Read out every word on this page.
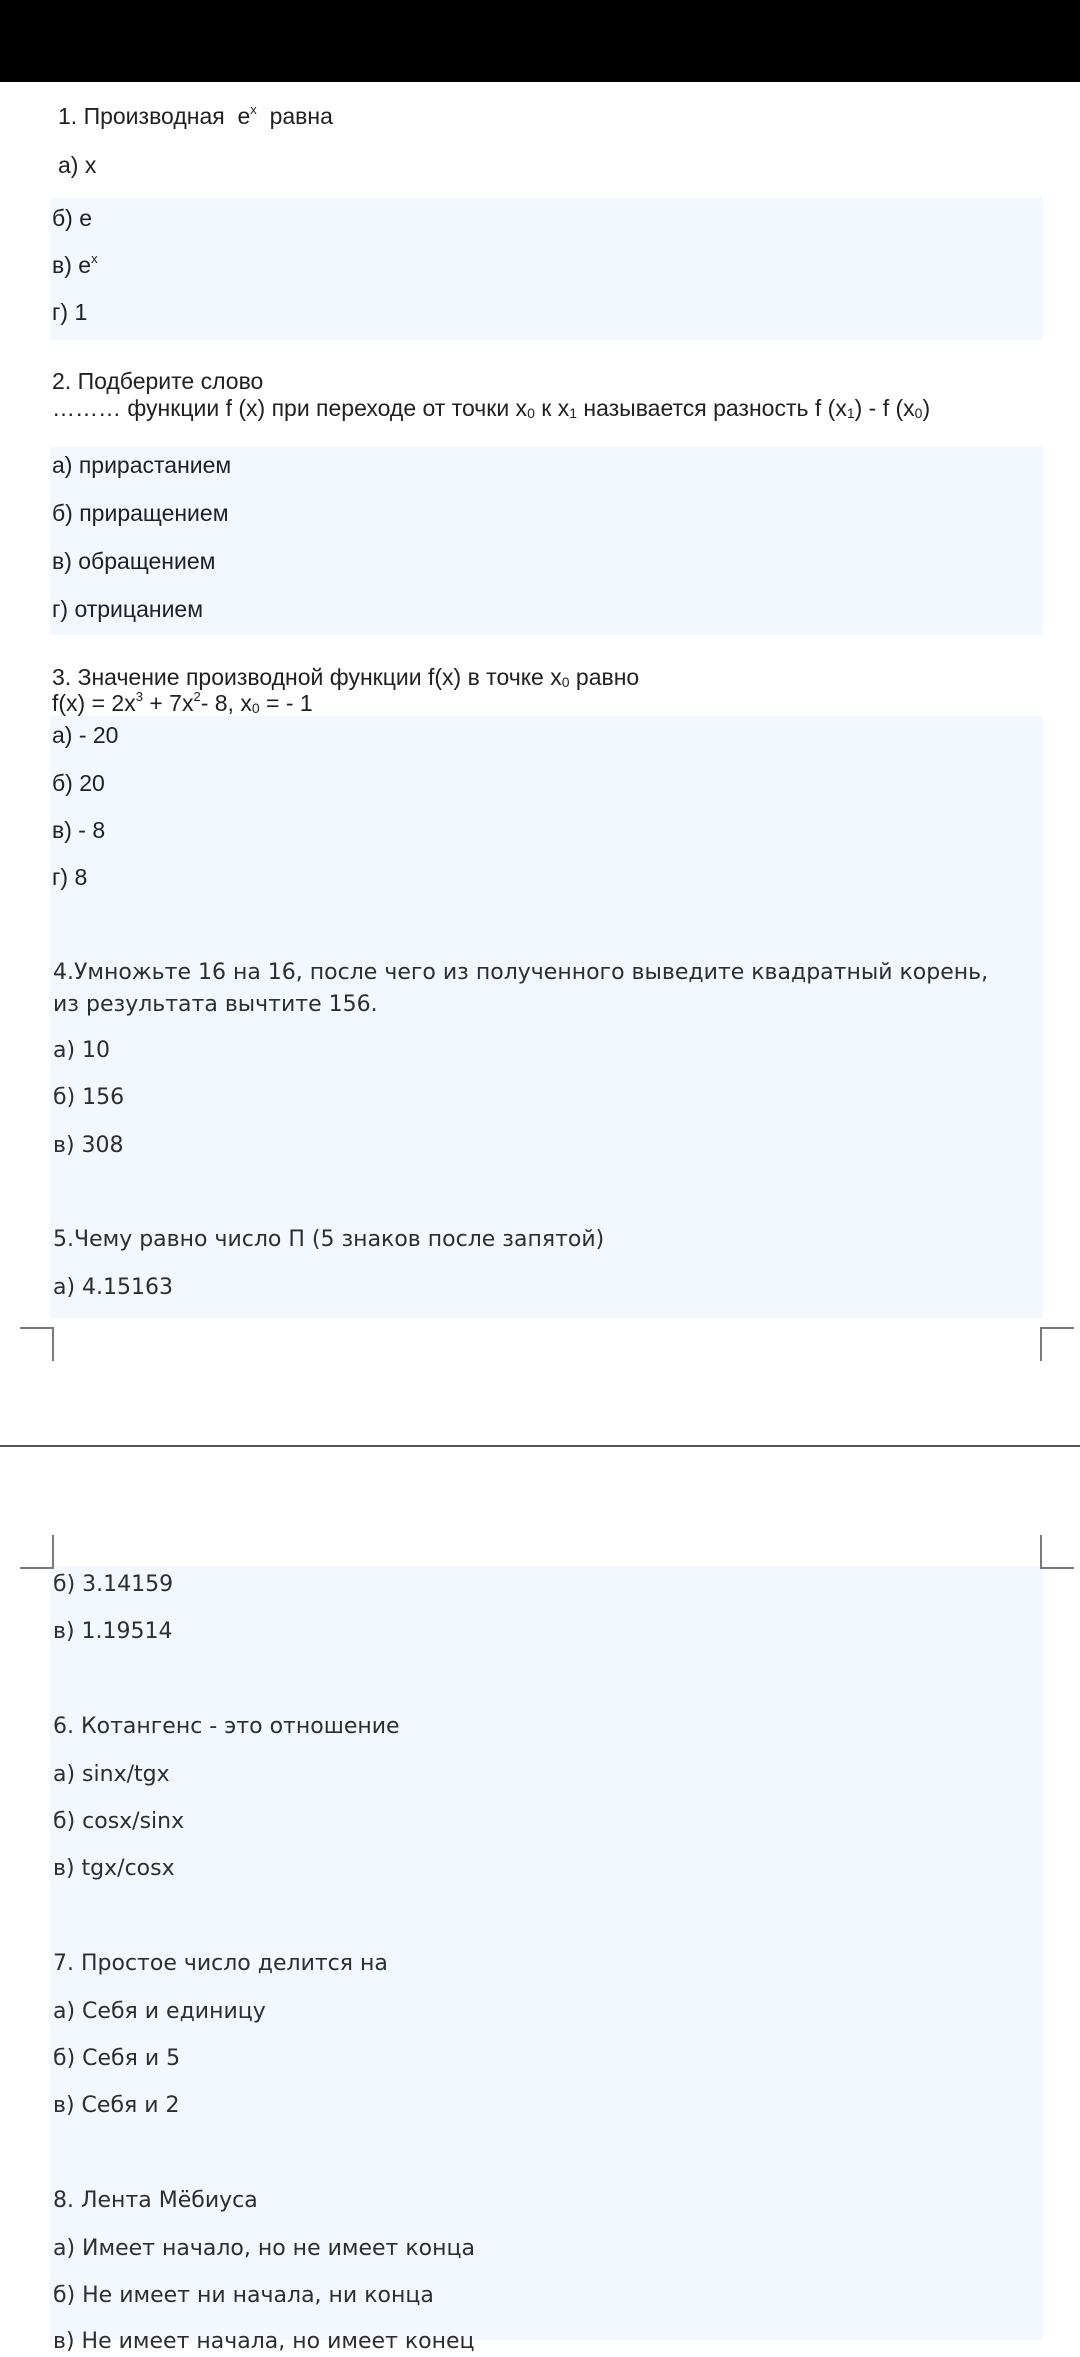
1. Производная $e^x$ равна
а) x
б) e
в) $e^x$
г) 1
2. Подберите слово
……… функции f (x) при переходе от точки $x_0$ к $x_1$ называется разность f $(x_1)$ - f $(x_0)$
а) прирастанием
б) приращением
в) обращением
г) отрицанием
3. Значение производной функции f(x) в точке $x_0$ равно
$f(x) = 2x^3 + 7x^2-$ 8, $x_0$ = - 1
а) - 20
б) 20
в) - 8
г) 8
4.Умножьте 16 на 16, после чего из полученного выведите квадратный корень, из результата вычтите 156.
а) 10
б) 156
в) 308
5.Чему равно число П (5 знаков после запятой)
а) 4.15163
б) 3.14159
в) 1.19514
6. Котангенс - это отношение
а) sinx/tgx
б) cosx/sinx
в) tgx/cosx
7. Простое число делится на
а) Себя и единицу
б) Себя и 5
в) Себя и 2
8. Лента Мёбиуса
а) Имеет начало, но не имеет конца
б) Не имеет ни начала, ни конца
в) Не имеет начала, но имеет конец
